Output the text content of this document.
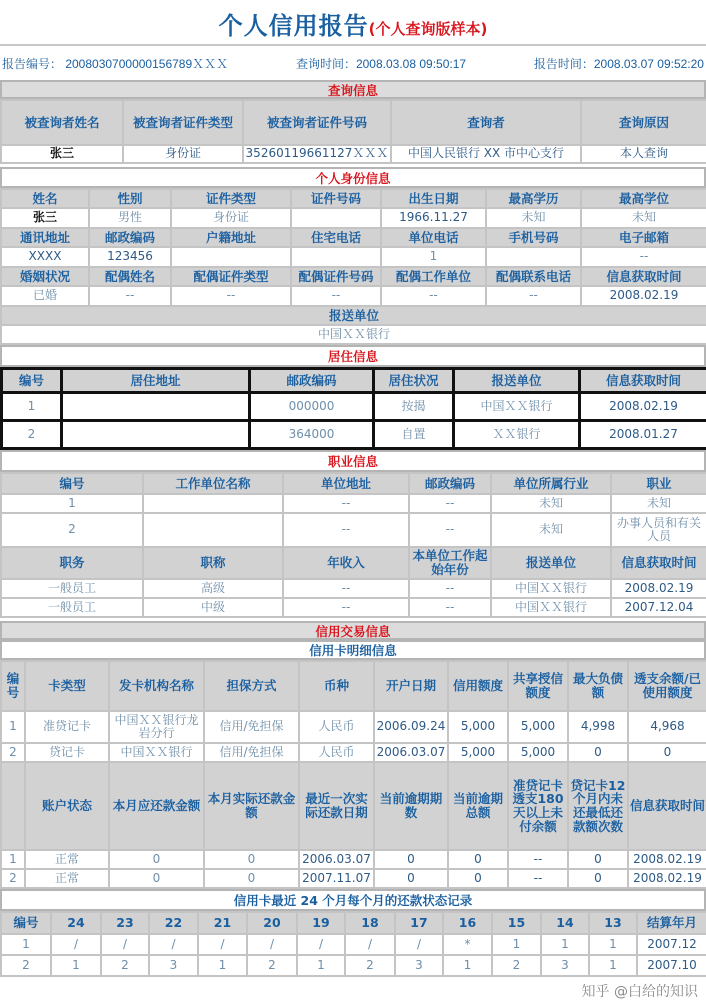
个人信用报告(个人查询版样本)
报告编号： 2008030700000156789ＸＸＸ	查询时间：2008.03.08 09:50:17	报告时间：2008.03.07 09:52:20
查询信息
被查询者姓名	被查询者证件类型	被查询者证件号码	查询者	查询原因
张三	身份证	35260119661127ＸＸＸ	中国人民银行 XX 市中心支行	本人查询
个人身份信息
姓名	性别	证件类型	证件号码	出生日期	最高学历	最高学位
张三	男性	身份证		1966.11.27	未知	未知
通讯地址	邮政编码	户籍地址	住宅电话	单位电话	手机号码	电子邮箱
XXXX	123456			1		--
婚姻状况	配偶姓名	配偶证件类型	配偶证件号码	配偶工作单位	配偶联系电话	信息获取时间
已婚	--	--	--	--	--	2008.02.19
报送单位						
中国ＸＸ银行						
居住信息
编号	居住地址	邮政编码	居住状况	报送单位	信息获取时间
1		000000	按揭	中国ＸＸ银行	2008.02.19
2		364000	自置	ＸＸ银行	2008.01.27
职业信息
编号	工作单位名称	单位地址	邮政编码	单位所属行业	职业
1		--	--	未知	未知
2		--	--	未知	办事人员和有关人员
职务	职称	年收入	本单位工作起始年份	报送单位	信息获取时间
一般员工	高级	--	--	中国ＸＸ银行	2008.02.19
一般员工	中级	--	--	中国ＸＸ银行	2007.12.04
信用交易信息
信用卡明细信息
编号	卡类型	发卡机构名称	担保方式	币种	开户日期	信用额度	共享授信额度	最大负债额	透支余额/已使用额度
1	准贷记卡	中国ＸＸ银行龙岩分行	信用/免担保	人民币	2006.09.24	5,000	5,000	4,998	4,968
2	贷记卡	中国ＸＸ银行	信用/免担保	人民币	2006.03.07	5,000	5,000	0	0
	账户状态	本月应还款金额	本月实际还款金额	最近一次实际还款日期	当前逾期期数	当前逾期总额	准贷记卡透支180天以上未付余额	贷记卡12个月内未还最低还款额次数	信息获取时间
1	正常	0	0	2006.03.07	0	0	--	0	2008.02.19
2	正常	0	0	2007.11.07	0	0	--	0	2008.02.19
信用卡最近 24 个月每个月的还款状态记录
编号	24	23	22	21	20	19	18	17	16	15	14	13	结算年月
1	/	/	/	/	/	/	/	/	*	1	1	1	2007.12
2	1	2	3	1	2	1	2	3	1	2	3	1	2007.10
知乎 @白给的知识
